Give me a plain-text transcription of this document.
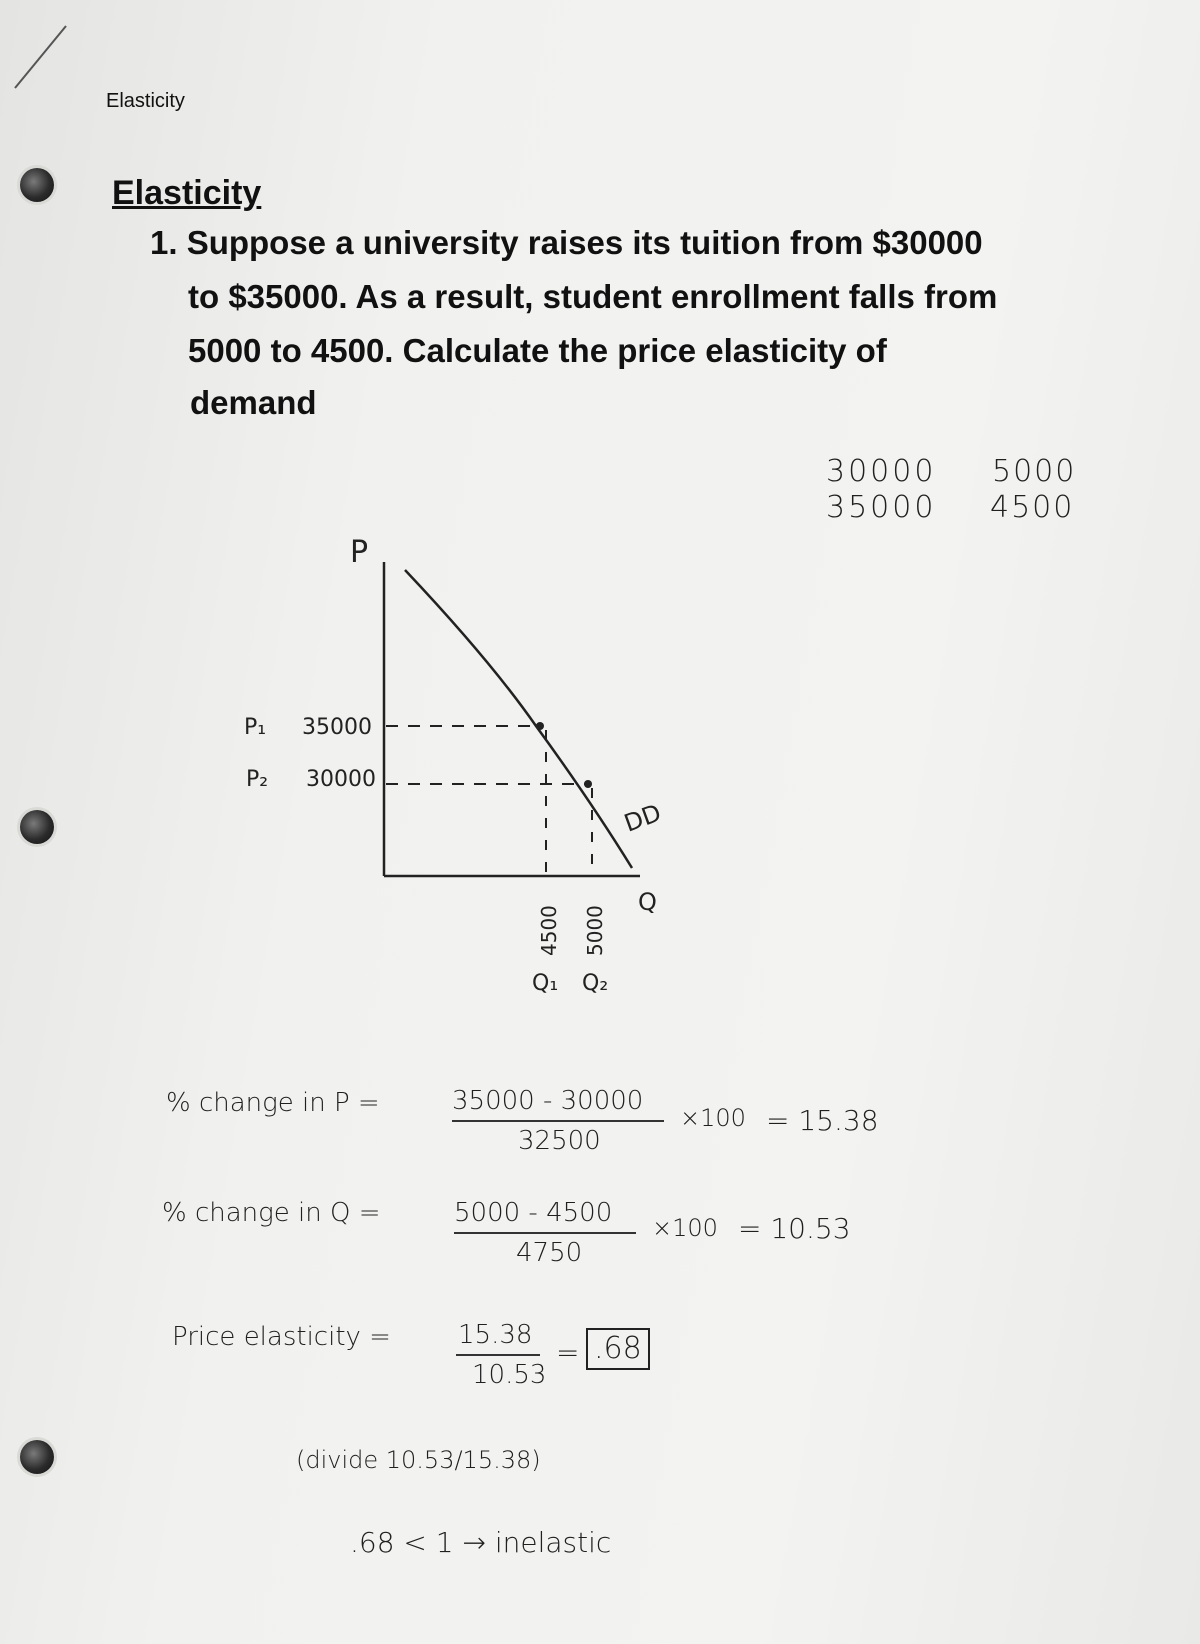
Elasticity
Elasticity
1. Suppose a university raises its tuition from $30000
to $35000. As a result, student enrollment falls from
5000 to 4500. Calculate the price elasticity of
demand
30000 5000
35000 4500
P
Q
DD
P₁ 35000
P₂ 30000
4500 5000
Q₁ Q₂
% change in P =	35000 - 30000
32500
×100 = 15.38
% change in Q =	5000 - 4500
4750
×100 = 10.53
Price elasticity =	15.38
10.53
= .68
(divide 10.53/15.38)
.68 < 1 → inelastic
